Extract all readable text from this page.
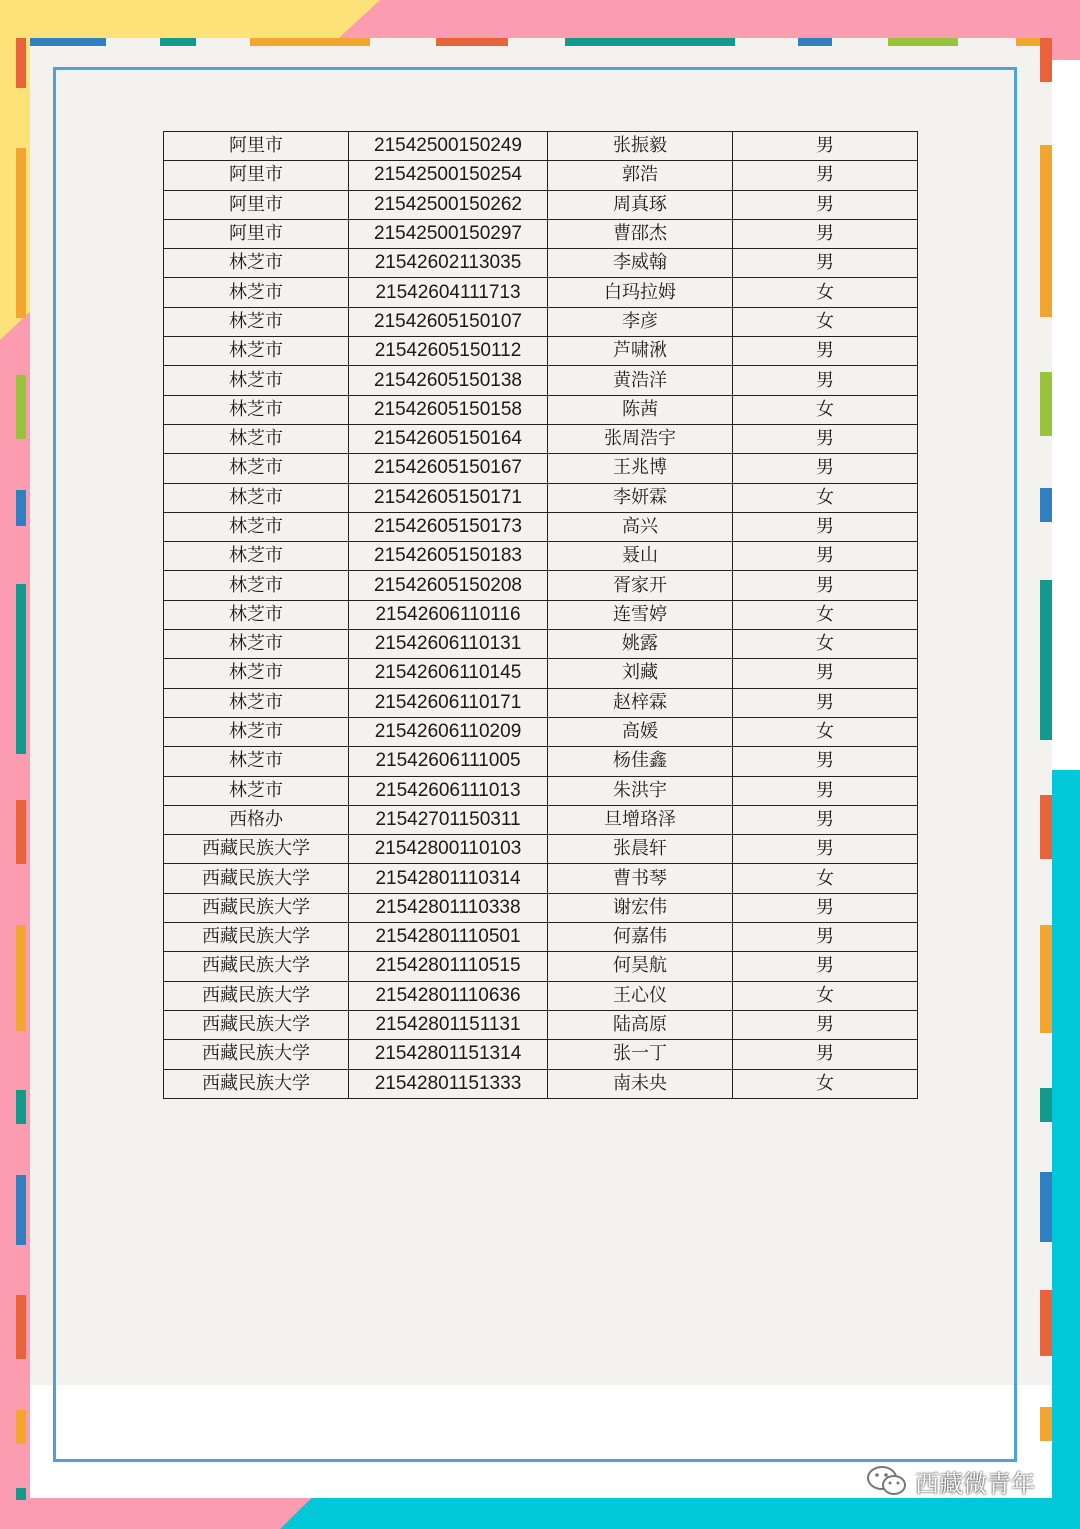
阿里市	21542500150249	张振毅	男
阿里市	21542500150254	郭浩	男
阿里市	21542500150262	周真琢	男
阿里市	21542500150297	曹邵杰	男
林芝市	21542602113035	李威翰	男
林芝市	21542604111713	白玛拉姆	女
林芝市	21542605150107	李彦	女
林芝市	21542605150112	芦啸湫	男
林芝市	21542605150138	黄浩洋	男
林芝市	21542605150158	陈茜	女
林芝市	21542605150164	张周浩宇	男
林芝市	21542605150167	王兆博	男
林芝市	21542605150171	李妍霖	女
林芝市	21542605150173	高兴	男
林芝市	21542605150183	聂山	男
林芝市	21542605150208	胥家开	男
林芝市	21542606110116	连雪婷	女
林芝市	21542606110131	姚露	女
林芝市	21542606110145	刘藏	男
林芝市	21542606110171	赵梓霖	男
林芝市	21542606110209	高媛	女
林芝市	21542606111005	杨佳鑫	男
林芝市	21542606111013	朱洪宇	男
西格办	21542701150311	旦增珞泽	男
西藏民族大学	21542800110103	张晨轩	男
西藏民族大学	21542801110314	曹书琴	女
西藏民族大学	21542801110338	谢宏伟	男
西藏民族大学	21542801110501	何嘉伟	男
西藏民族大学	21542801110515	何昊航	男
西藏民族大学	21542801110636	王心仪	女
西藏民族大学	21542801151131	陆高原	男
西藏民族大学	21542801151314	张一丁	男
西藏民族大学	21542801151333	南未央	女
西藏微青年
